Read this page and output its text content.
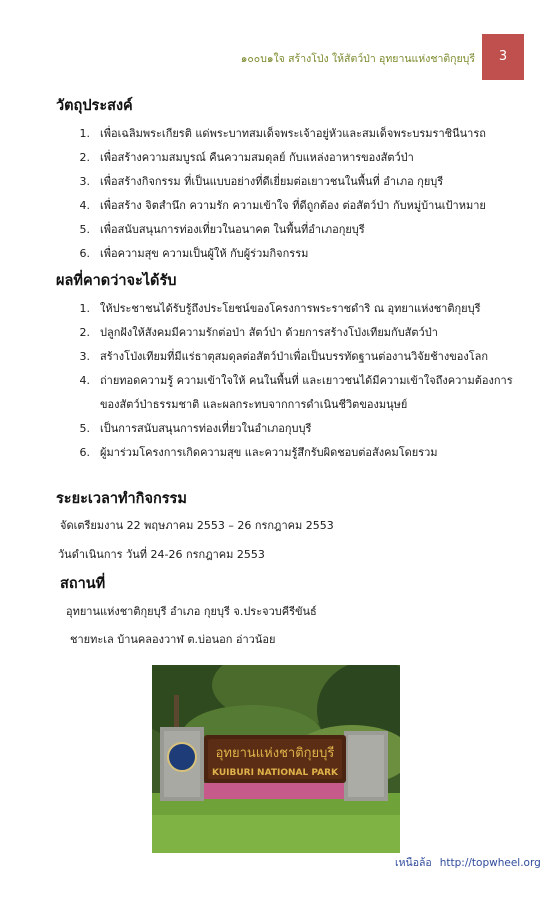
๑๐๐บ๑ใจ สร้างโป่ง ให้สัตว์ป่า อุทยานแห่งชาติกุยบุรี	3
วัตถุประสงค์
1. เพื่อเฉลิมพระเกียรติ แด่พระบาทสมเด็จพระเจ้าอยู่หัวและสมเด็จพระบรมราชินีนารถ
2. เพื่อสร้างความสมบูรณ์ คืนความสมดุลย์ กับแหล่งอาหารของสัตว์ป่า
3. เพื่อสร้างกิจกรรม ที่เป็นแบบอย่างที่ดีเยี่ยมต่อเยาวชนในพื้นที่ อำเภอ กุยบุรี
4. เพื่อสร้าง จิตสำนึก ความรัก ความเข้าใจ ที่ดีถูกต้อง ต่อสัตว์ป่า กับหมู่บ้านเป้าหมาย
5. เพื่อสนับสนุนการท่องเที่ยวในอนาคต ในพื้นที่อำเภอกุยบุรี
6. เพื่อความสุข ความเป็นผู้ให้ กับผู้ร่วมกิจกรรม
ผลที่คาดว่าจะได้รับ
1. ให้ประชาชนได้รับรู้ถึงประโยชน์ของโครงการพระราชดำริ ณ อุทยาแห่งชาติกุยบุรี
2. ปลูกฝังให้สังคมมีความรักต่อป่า สัตว์ป่า ด้วยการสร้างโป่งเทียมกับสัตว์ป่า
3. สร้างโป่งเทียมที่มีแร่ธาตุสมดุลต่อสัตว์ป่าเพื่อเป็นบรรทัดฐานต่องานวิจัยช้างของโลก
4. ถ่ายทอดความรู้ ความเข้าใจให้ คนในพื้นที่ และเยาวชนได้มีความเข้าใจถึงความต้องการของสัตว์ป่าธรรมชาติ และผลกระทบจากการดำเนินชีวิตของมนุษย์
5. เป็นการสนับสนุนการท่องเที่ยวในอำเภอกุบบุรี
6. ผู้มาร่วมโครงการเกิดความสุข และความรู้สึกรับผิดชอบต่อสังคมโดยรวม
ระยะเวลาทำกิจกรรม
จัดเตรียมงาน 22 พฤษภาคม 2553 – 26 กรกฎาคม 2553
วันดำเนินการ วันที่ 24-26 กรกฎาคม 2553
สถานที่
อุทยานแห่งชาติกุยบุรี อำเภอ กุยบุรี จ.ประจวบคีรีขันธ์
ชายทะเล บ้านคลองวาฬ ต.บ่อนอก อ่าวน้อย
อุทยานแห่งชาติกุยบุรี
KUIBURI NATIONAL PARK
เหนือล้อ http://topwheel.org
